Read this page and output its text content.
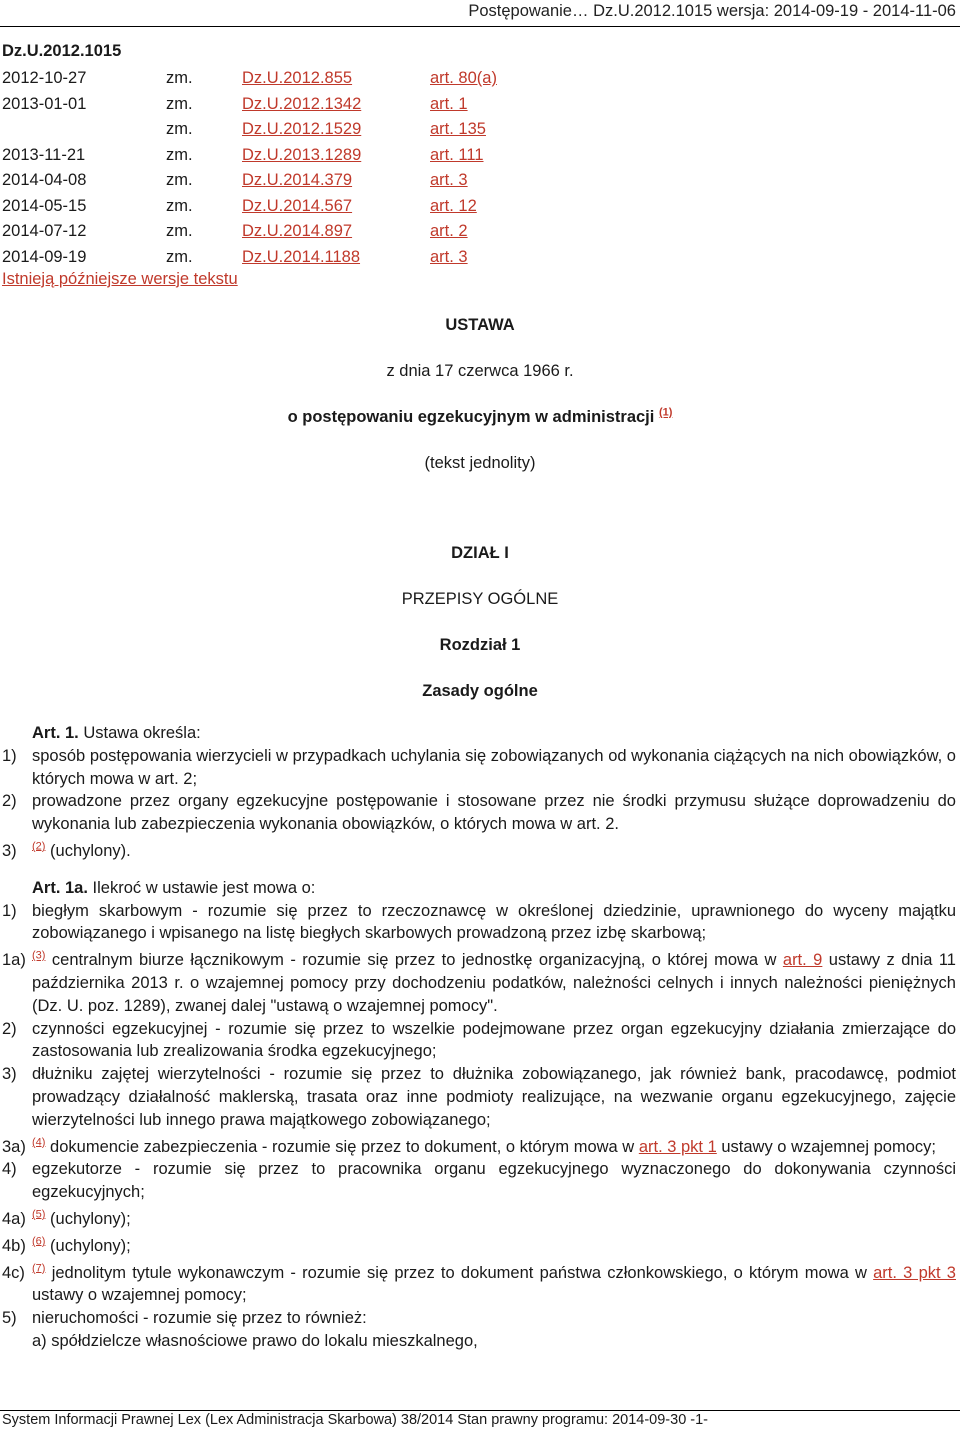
Postępowanie… Dz.U.2012.1015 wersja: 2014-09-19 - 2014-11-06
Dz.U.2012.1015
2012-10-27	zm.	Dz.U.2012.855	art. 80(a)
2013-01-01	zm.	Dz.U.2012.1342	art. 1
	zm.	Dz.U.2012.1529	art. 135
2013-11-21	zm.	Dz.U.2013.1289	art. 111
2014-04-08	zm.	Dz.U.2014.379	art. 3
2014-05-15	zm.	Dz.U.2014.567	art. 12
2014-07-12	zm.	Dz.U.2014.897	art. 2
2014-09-19	zm.	Dz.U.2014.1188	art. 3
Istnieją późniejsze wersje tekstu
USTAWA
z dnia 17 czerwca 1966 r.
o postępowaniu egzekucyjnym w administracji $^{(1)}$
(tekst jednolity)
DZIAŁ I
PRZEPISY OGÓLNE
Rozdział 1
Zasady ogólne
Art. 1. Ustawa określa:
1) sposób postępowania wierzycieli w przypadkach uchylania się zobowiązanych od wykonania ciążących na nich obowiązków, o których mowa w art. 2;
2) prowadzone przez organy egzekucyjne postępowanie i stosowane przez nie środki przymusu służące doprowadzeniu do wykonania lub zabezpieczenia wykonania obowiązków, o których mowa w art. 2.
3)	$^{(2)}$ (uchylony).
Art. 1a. Ilekroć w ustawie jest mowa o:
1) biegłym skarbowym - rozumie się przez to rzeczoznawcę w określonej dziedzinie, uprawnionego do wyceny majątku zobowiązanego i wpisanego na listę biegłych skarbowych prowadzoną przez izbę skarbową;
1a) $^{(3)}$ centralnym biurze łącznikowym - rozumie się przez to jednostkę organizacyjną, o której mowa w art. 9 ustawy z dnia 11 października 2013 r. o wzajemnej pomocy przy dochodzeniu podatków, należności celnych i innych należności pieniężnych (Dz. U. poz. 1289), zwanej dalej "ustawą o wzajemnej pomocy".
2) czynności egzekucyjnej - rozumie się przez to wszelkie podejmowane przez organ egzekucyjny działania zmierzające do zastosowania lub zrealizowania środka egzekucyjnego;
3) dłużniku zajętej wierzytelności - rozumie się przez to dłużnika zobowiązanego, jak również bank, pracodawcę, podmiot prowadzący działalność maklerską, trasata oraz inne podmioty realizujące, na wezwanie organu egzekucyjnego, zajęcie wierzytelności lub innego prawa majątkowego zobowiązanego;
3a) $^{(4)}$ dokumencie zabezpieczenia - rozumie się przez to dokument, o którym mowa w art. 3 pkt 1 ustawy o wzajemnej pomocy;
4) egzekutorze - rozumie się przez to pracownika organu egzekucyjnego wyznaczonego do dokonywania czynności egzekucyjnych;
4a) $^{(5)}$ (uchylony);
4b) $^{(6)}$ (uchylony);
4c) $^{(7)}$ jednolitym tytule wykonawczym - rozumie się przez to dokument państwa członkowskiego, o którym mowa w art. 3 pkt 3 ustawy o wzajemnej pomocy;
5) nieruchomości - rozumie się przez to również:
a) spółdzielcze własnościowe prawo do lokalu mieszkalnego,
System Informacji Prawnej Lex (Lex Administracja Skarbowa) 38/2014 Stan prawny programu: 2014-09-30 -1-
